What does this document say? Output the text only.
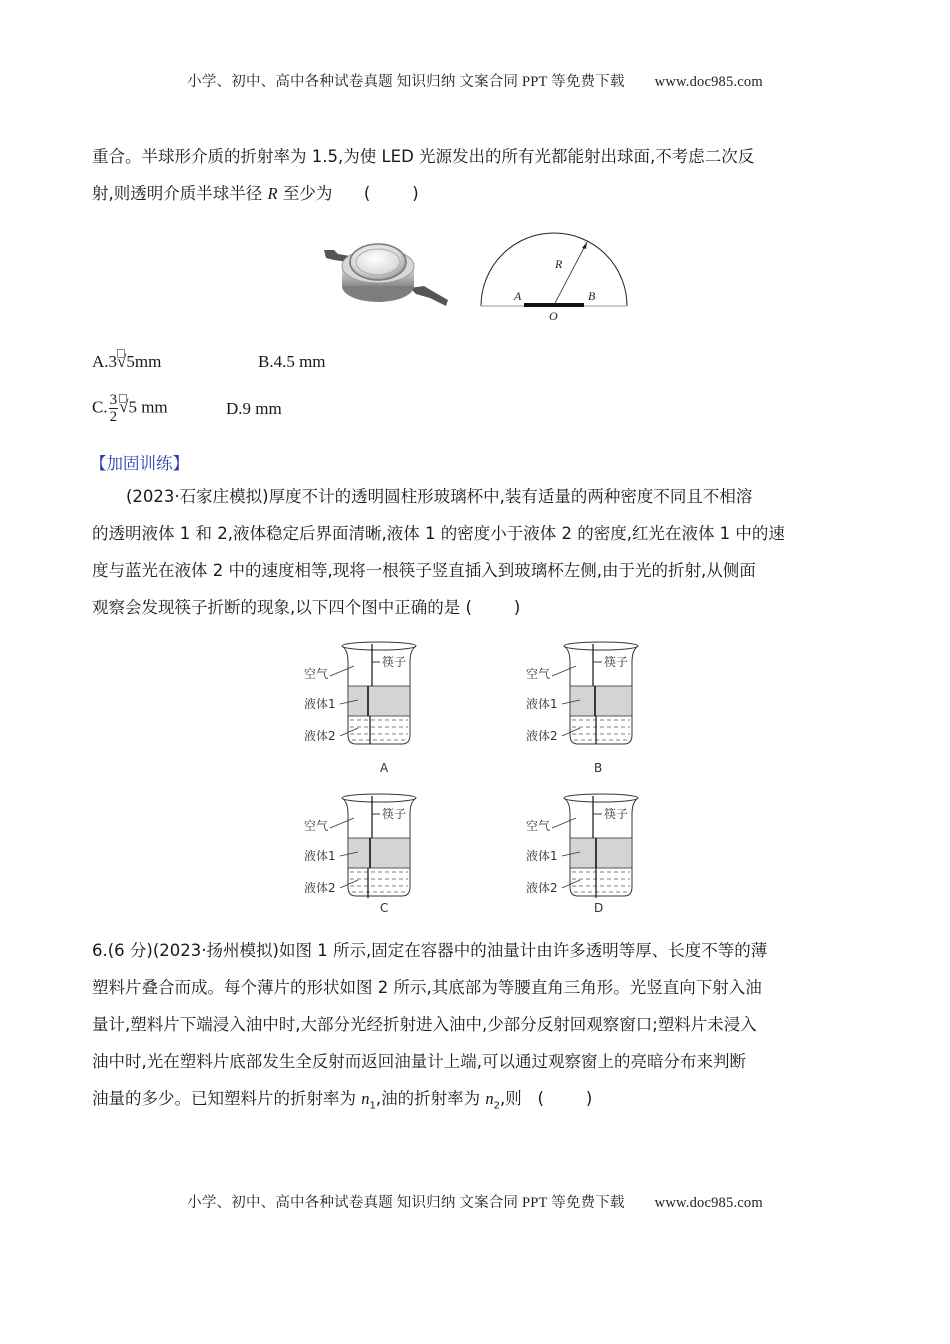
小学、初中、高中各种试卷真题 知识归纳 文案合同 PPT 等免费下载 www.doc985.com
重合。半球形介质的折射率为 1.5,为使 LED 光源发出的所有光都能射出球面,不考虑二次反
射,则透明介质半球半径 R 至少为 (        )
R
A	B
O
A.3
√5mm	B.4.5 mm
C. $\frac{3}{2} √5$ mm	D.9 mm
【加固训练】
(2023·石家庄模拟)厚度不计的透明圆柱形玻璃杯中,装有适量的两种密度不同且不相溶
的透明液体 1 和 2,液体稳定后界面清晰,液体 1 的密度小于液体 2 的密度,红光在液体 1 中的速
度与蓝光在液体 2 中的速度相等,现将一根筷子竖直插入到玻璃杯左侧,由于光的折射,从侧面
观察会发现筷子折断的现象,以下四个图中正确的是 (        )
筷子
空气
液体1
液体2
A
筷子
空气
液体1
液体2
B
筷子
空气
液体1
液体2
C
筷子
空气
液体1
液体2
D
6.(6 分)(2023·扬州模拟)如图 1 所示,固定在容器中的油量计由许多透明等厚、长度不等的薄
塑料片叠合而成。每个薄片的形状如图 2 所示,其底部为等腰直角三角形。光竖直向下射入油
量计,塑料片下端浸入油中时,大部分光经折射进入油中,少部分反射回观察窗口;塑料片未浸入
油中时,光在塑料片底部发生全反射而返回油量计上端,可以通过观察窗上的亮暗分布来判断
油量的多少。已知塑料片的折射率为 $n_1$,油的折射率为 $n_2$,则 (        )
小学、初中、高中各种试卷真题 知识归纳 文案合同 PPT 等免费下载 www.doc985.com
